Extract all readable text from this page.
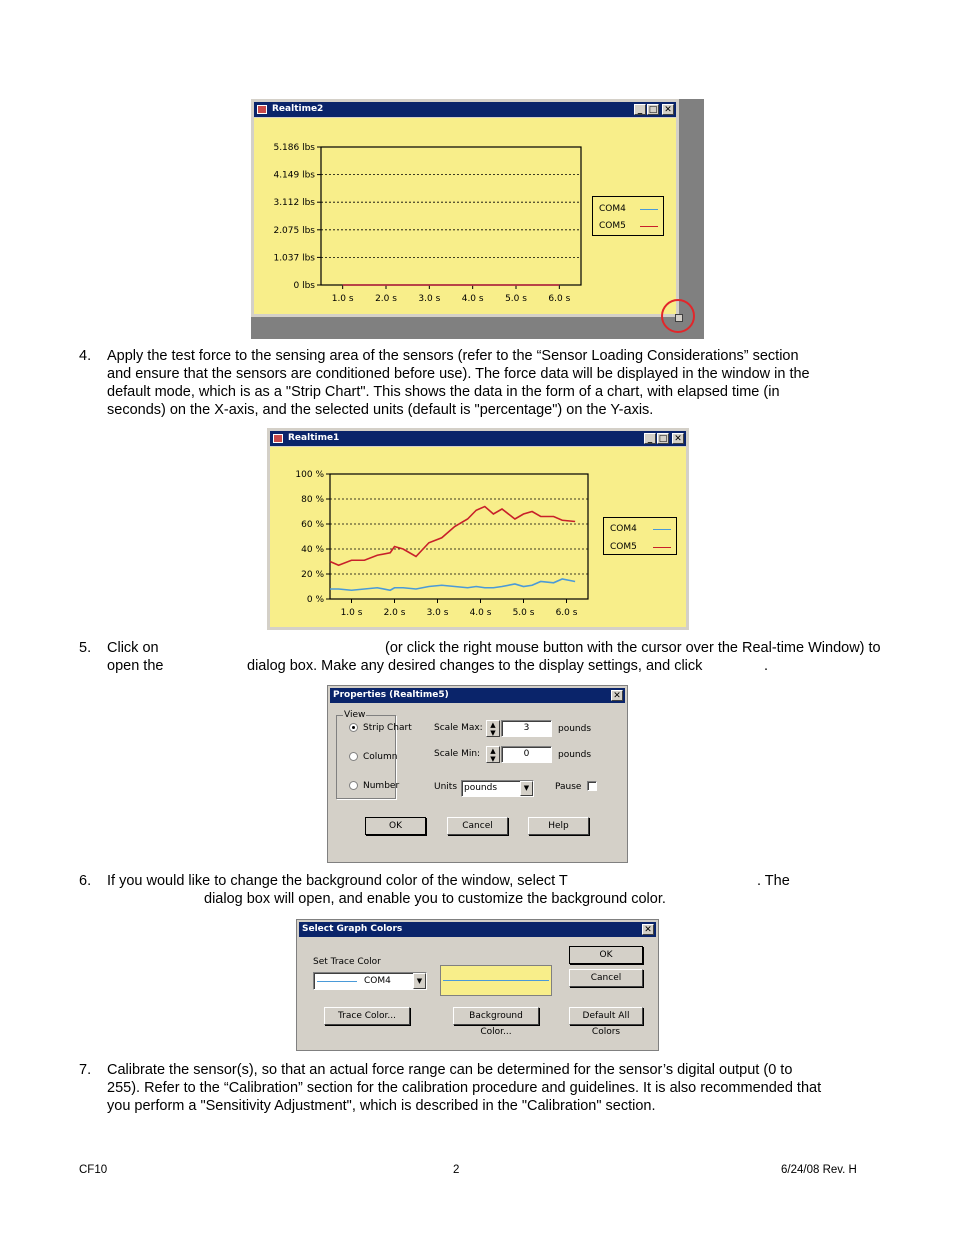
Realtime2	_ □ ✕
5.186 lbs
4.149 lbs
3.112 lbs
2.075 lbs
1.037 lbs
0 lbs
1.0 s 2.0 s 3.0 s 4.0 s 5.0 s 6.0 s
COM4
COM5
4. Apply the test force to the sensing area of the sensors (refer to the “Sensor Loading Considerations” section
and ensure that the sensors are conditioned before use). The force data will be displayed in the window in the
default mode, which is as a "Strip Chart". This shows the data in the form of a chart, with elapsed time (in
seconds) on the X-axis, and the selected units (default is "percentage") on the Y-axis.
Realtime1	_ □ ✕
100 %
80 %
60 %
40 %
20 %
0 %
1.0 s 2.0 s 3.0 s 4.0 s 5.0 s 6.0 s
COM4
COM5
5. Click on	(or click the right mouse button with the cursor over the Real-time Window) to
open the	dialog box. Make any desired changes to the display settings, and click	.
Properties (Realtime5)	✕
View
Strip Chart
Column
Number
Scale Max:	▲
▼	3	pounds
Scale Min:	▲
▼	0	pounds
Units pounds	▼	Pause
OK	Cancel	Help
6. If you would like to change the background color of the window, select T	. The
dialog box will open, and enable you to customize the background color.
Select Graph Colors	✕
Set Trace Color
COM4	▼
OK
Cancel
Trace Color...	Background Color...
Default All Colors
7. Calibrate the sensor(s), so that an actual force range can be determined for the sensor’s digital output (0 to
255). Refer to the “Calibration” section for the calibration procedure and guidelines. It is also recommended that
you perform a "Sensitivity Adjustment", which is described in the "Calibration" section.
CF10	2	6/24/08 Rev. H
